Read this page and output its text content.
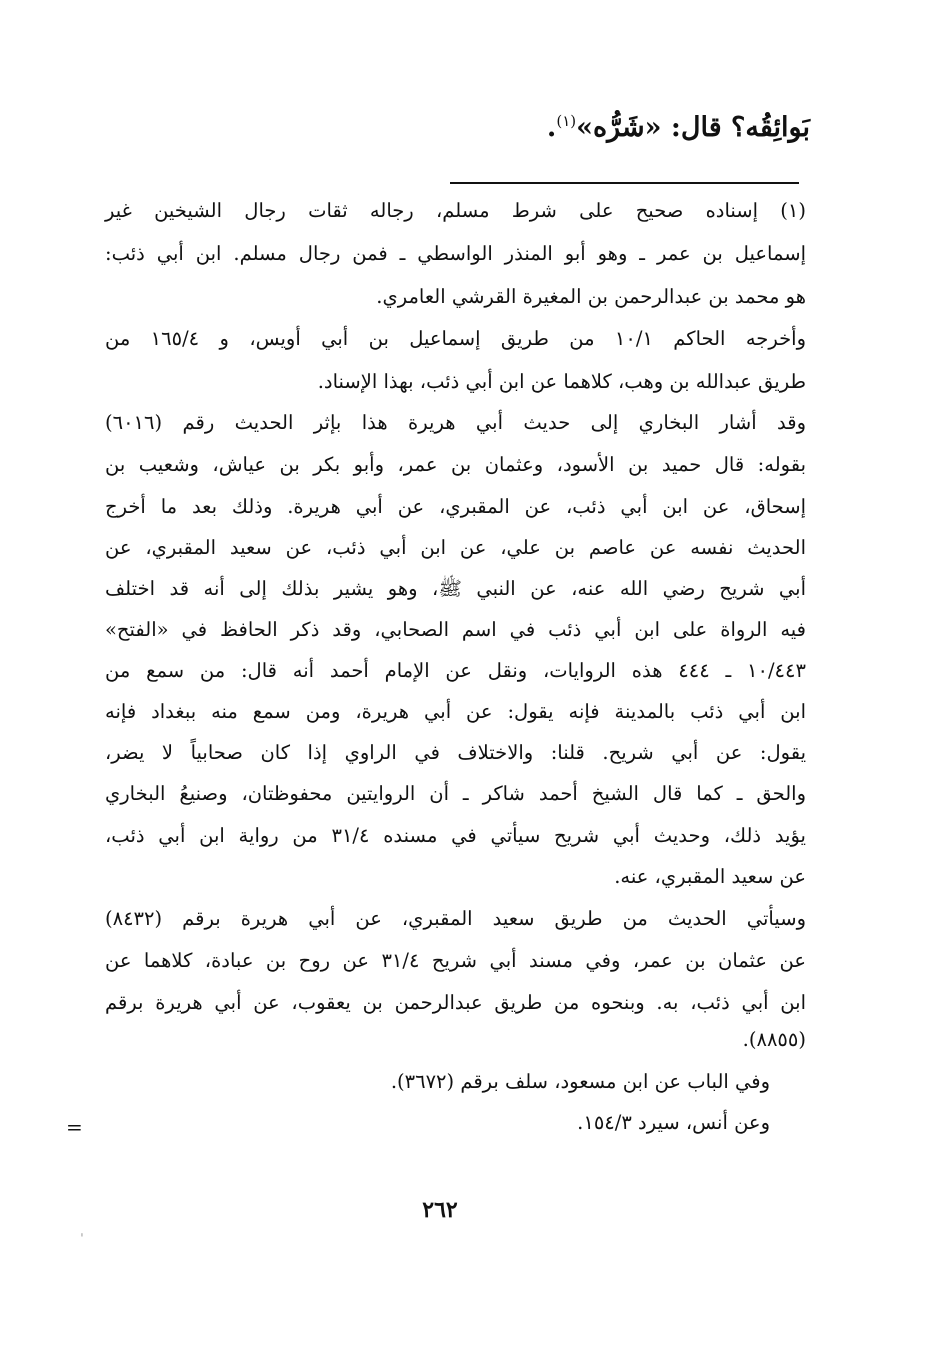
بَوائِقُه؟ قال: «شَرُّه»$^{(١)}$.
(١) إسناده صحيح على شرط مسلم، رجاله ثقات رجال الشيخين غير
إسماعيل بن عمر ـ وهو أبو المنذر الواسطي ـ فمن رجال مسلم. ابن أبي ذئب:
هو محمد بن عبدالرحمن بن المغيرة القرشي العامري.
وأخرجه الحاكم ١٠/١ من طريق إسماعيل بن أبي أويس، و ١٦٥/٤ من
طريق عبدالله بن وهب، كلاهما عن ابن أبي ذئب، بهذا الإسناد.
وقد أشار البخاري إلى حديث أبي هريرة هذا بإثر الحديث رقم (٦٠١٦)
بقوله: قال حميد بن الأسود، وعثمان بن عمر، وأبو بكر بن عياش، وشعيب بن
إسحاق، عن ابن أبي ذئب، عن المقبري، عن أبي هريرة. وذلك بعد ما أخرج
الحديث نفسه عن عاصم بن علي، عن ابن أبي ذئب، عن سعيد المقبري، عن
أبي شريح رضي الله عنه، عن النبي ﷺ، وهو يشير بذلك إلى أنه قد اختلف
فيه الرواة على ابن أبي ذئب في اسم الصحابي، وقد ذكر الحافظ في «الفتح»
١٠/٤٤٣ ـ ٤٤٤ هذه الروايات، ونقل عن الإمام أحمد أنه قال: من سمع من
ابن أبي ذئب بالمدينة فإنه يقول: عن أبي هريرة، ومن سمع منه ببغداد فإنه
يقول: عن أبي شريح. قلنا: والاختلاف في الراوي إذا كان صحابياً لا يضر،
والحق ـ كما قال الشيخ أحمد شاكر ـ أن الروايتين محفوظتان، وصنيعُ البخاري
يؤيد ذلك، وحديث أبي شريح سيأتي في مسنده ٣١/٤ من رواية ابن أبي ذئب،
عن سعيد المقبري، عنه.
وسيأتي الحديث من طريق سعيد المقبري، عن أبي هريرة برقم (٨٤٣٢)
عن عثمان بن عمر، وفي مسند أبي شريح ٣١/٤ عن روح بن عبادة، كلاهما عن
ابن أبي ذئب، به. وبنحوه من طريق عبدالرحمن بن يعقوب، عن أبي هريرة برقم
(٨٨٥٥).
وفي الباب عن ابن مسعود، سلف برقم (٣٦٧٢).
وعن أنس، سيرد ١٥٤/٣.
=
٢٦٢
ˈ
